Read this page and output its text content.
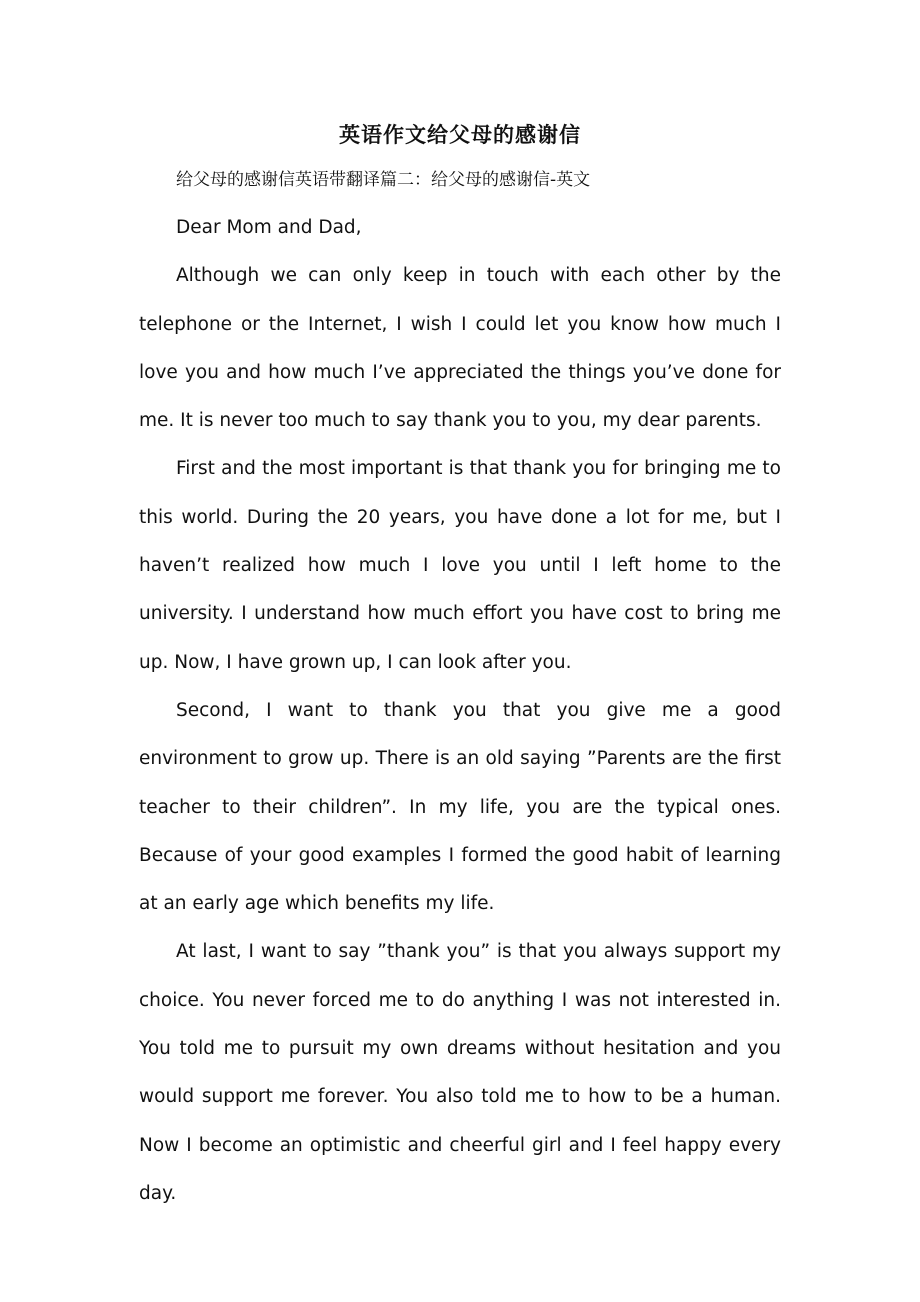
英语作文给父母的感谢信

给父母的感谢信英语带翻译篇二：给父母的感谢信-英文

Dear Mom and Dad,

Although we can only keep in touch with each other by the telephone or the Internet, I wish I could let you know how much I love you and how much I’ve appreciated the things you’ve done for me. It is never too much to say thank you to you, my dear parents.

First and the most important is that thank you for bringing me to this world. During the 20 years, you have done a lot for me, but I haven’t realized how much I love you until I left home to the university. I understand how much effort you have cost to bring me up. Now, I have grown up, I can look after you.

Second, I want to thank you that you give me a good environment to grow up. There is an old saying ”Parents are the first teacher to their children”. In my life, you are the typical ones. Because of your good examples I formed the good habit of learning at an early age which benefits my life.

At last, I want to say ”thank you” is that you always support my choice. You never forced me to do anything I was not interested in. You told me to pursuit my own dreams without hesitation and you would support me forever. You also told me to how to be a human. Now I become an optimistic and cheerful girl and I feel happy every day.
